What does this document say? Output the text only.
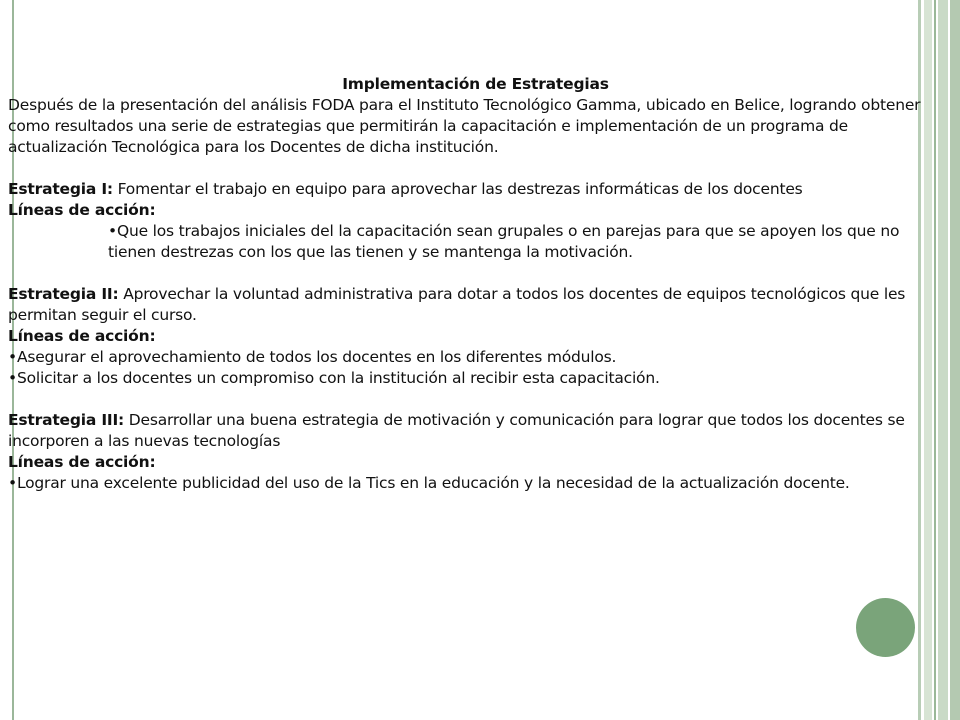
Implementación de Estrategias
Después de la presentación del análisis FODA para el Instituto Tecnológico Gamma, ubicado en Belice, logrando obtener como resultados una serie de estrategias que permitirán la capacitación e implementación de un programa de actualización Tecnológica para los Docentes de dicha institución.
Estrategia I: Fomentar el trabajo en equipo para aprovechar las destrezas informáticas de los docentes
Líneas de acción:
•Que los trabajos iniciales del la capacitación sean grupales o en parejas para que se apoyen los que no tienen destrezas con los que las tienen y se mantenga la motivación.
Estrategia II: Aprovechar la voluntad administrativa para dotar a todos los docentes de equipos tecnológicos que les permitan seguir el curso.
Líneas de acción:
•Asegurar el aprovechamiento de todos los docentes en los diferentes módulos.
•Solicitar a los docentes un compromiso con la institución al recibir esta capacitación.
Estrategia III: Desarrollar una buena estrategia de motivación y comunicación para lograr que todos los docentes se incorporen a las nuevas tecnologías
Líneas de acción:
•Lograr una excelente publicidad del uso de la Tics en la educación y la necesidad de la actualización docente.
